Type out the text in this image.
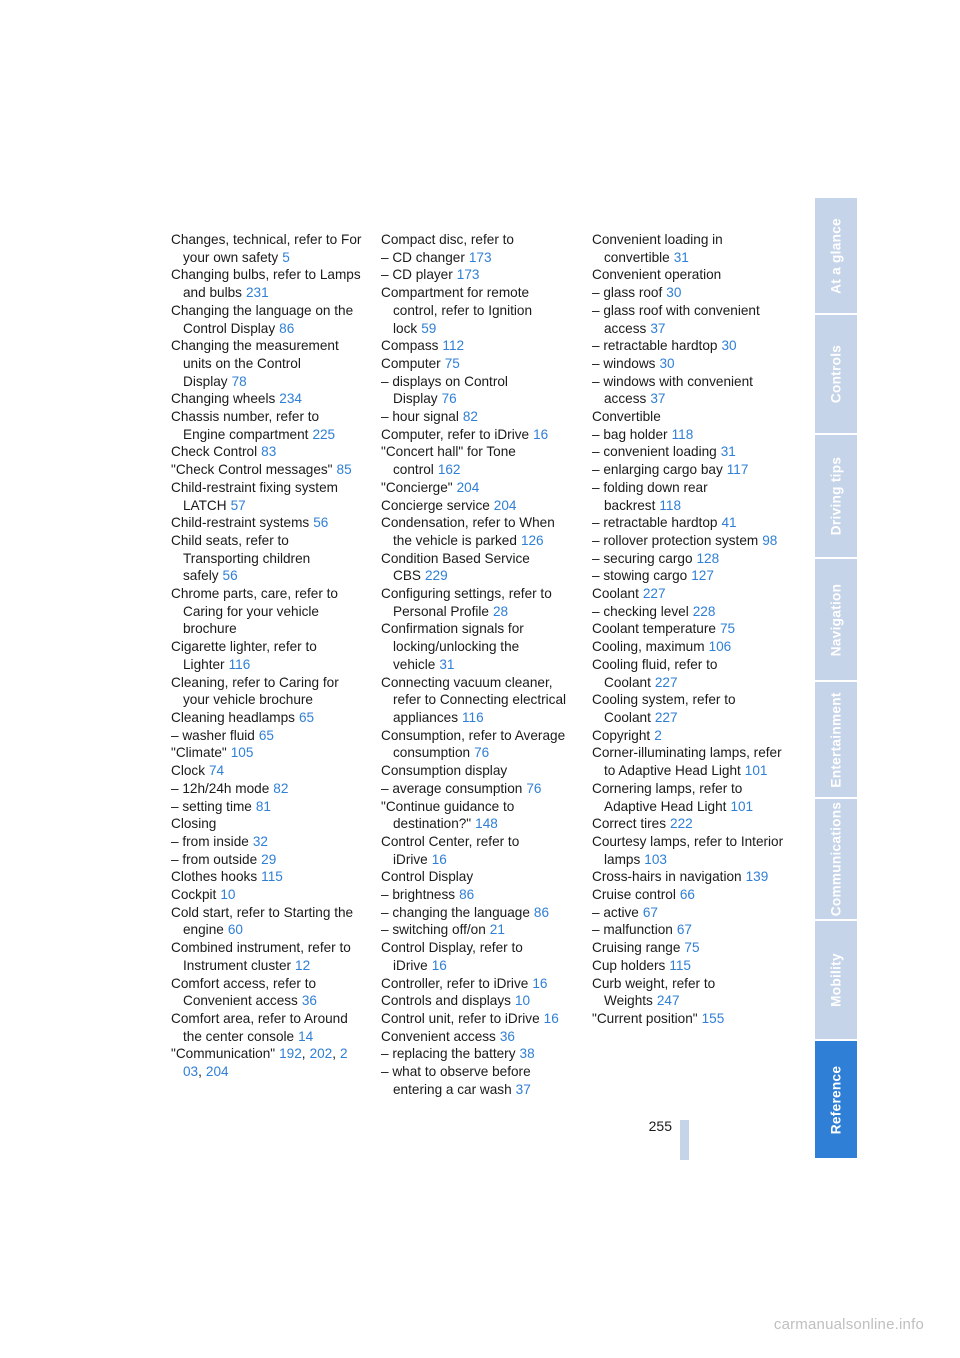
Changes, technical, refer to For your own safety 5
Changing bulbs, refer to Lamps and bulbs 231
Changing the language on the Control Display 86
Changing the measurement units on the Control Display 78
Changing wheels 234
Chassis number, refer to Engine compartment 225
Check Control 83
"Check Control messages" 85
Child-restraint fixing system LATCH 57
Child-restraint systems 56
Child seats, refer to Transporting children safely 56
Chrome parts, care, refer to Caring for your vehicle brochure
Cigarette lighter, refer to Lighter 116
Cleaning, refer to Caring for your vehicle brochure
Cleaning headlamps 65
– washer fluid 65
"Climate" 105
Clock 74
– 12h/24h mode 82
– setting time 81
Closing
– from inside 32
– from outside 29
Clothes hooks 115
Cockpit 10
Cold start, refer to Starting the engine 60
Combined instrument, refer to Instrument cluster 12
Comfort access, refer to Convenient access 36
Comfort area, refer to Around the center console 14
"Communication" 192, 202, 2​03, 204
Compact disc, refer to
– CD changer 173
– CD player 173
Compartment for remote control, refer to Ignition lock 59
Compass 112
Computer 75
– displays on Control Display 76
– hour signal 82
Computer, refer to iDrive 16
"Concert hall" for Tone control 162
"Concierge" 204
Concierge service 204
Condensation, refer to When the vehicle is parked 126
Condition Based Service CBS 229
Configuring settings, refer to Personal Profile 28
Confirmation signals for locking/unlocking the vehicle 31
Connecting vacuum cleaner, refer to Connecting electrical appliances 116
Consumption, refer to Average consumption 76
Consumption display
– average consumption 76
"Continue guidance to destination?" 148
Control Center, refer to iDrive 16
Control Display
– brightness 86
– changing the language 86
– switching off/on 21
Control Display, refer to iDrive 16
Controller, refer to iDrive 16
Controls and displays 10
Control unit, refer to iDrive 16
Convenient access 36
– replacing the battery 38
– what to observe before entering a car wash 37
Convenient loading in convertible 31
Convenient operation
– glass roof 30
– glass roof with convenient access 37
– retractable hardtop 30
– windows 30
– windows with convenient access 37
Convertible
– bag holder 118
– convenient loading 31
– enlarging cargo bay 117
– folding down rear backrest 118
– retractable hardtop 41
– rollover protection system 98
– securing cargo 128
– stowing cargo 127
Coolant 227
– checking level 228
Coolant temperature 75
Cooling, maximum 106
Cooling fluid, refer to Coolant 227
Cooling system, refer to Coolant 227
Copyright 2
Corner-illuminating lamps, refer to Adaptive Head Light 101
Cornering lamps, refer to Adaptive Head Light 101
Correct tires 222
Courtesy lamps, refer to Interior lamps 103
Cross-hairs in navigation 139
Cruise control 66
– active 67
– malfunction 67
Cruising range 75
Cup holders 115
Curb weight, refer to Weights 247
"Current position" 155
At a glance
Controls
Driving tips
Navigation
Entertainment
Communications
Mobility
Reference
255
carmanualsonline.info
